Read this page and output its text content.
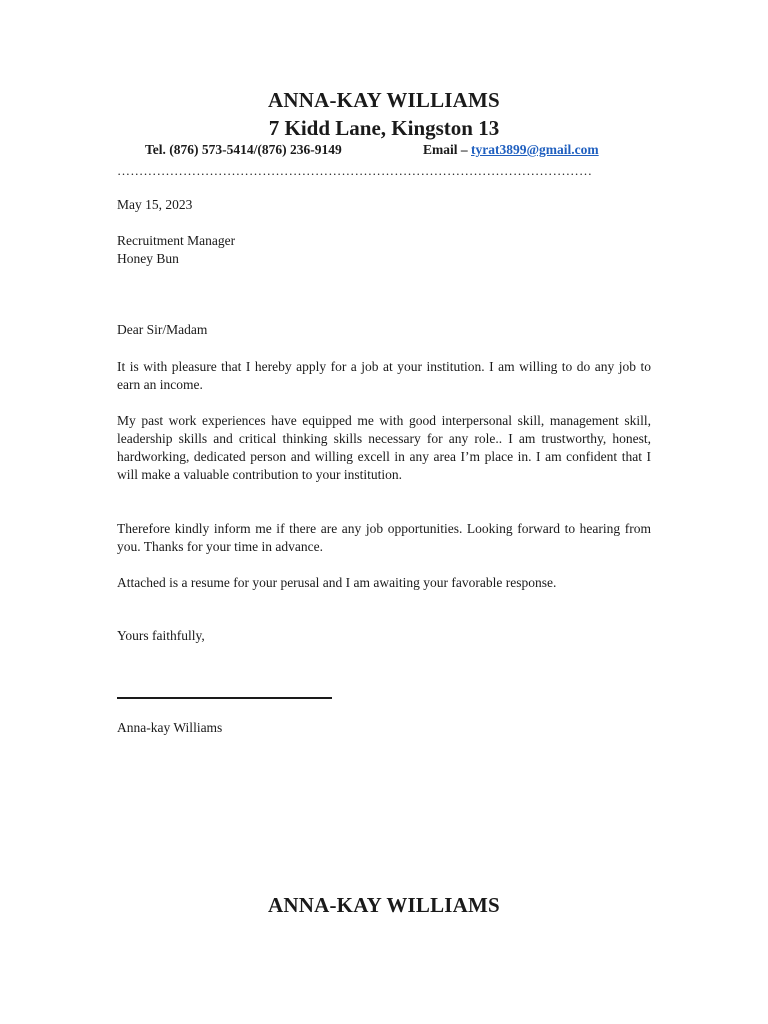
ANNA-KAY WILLIAMS
7 Kidd Lane, Kingston 13
Tel. (876) 573-5414/(876) 236-9149	Email – tyrat3899@gmail.com
………………………………………………………………………………………………
May 15, 2023
Recruitment Manager
Honey Bun
Dear Sir/Madam
It is with pleasure that I hereby apply for a job at your institution. I am willing to do any job to earn an income.
My past work experiences have equipped me with good interpersonal skill, management skill, leadership skills and critical thinking skills necessary for any role.. I am trustworthy, honest, hardworking, dedicated person and willing excell in any area I’m place in. I am confident that I will make a valuable contribution to your institution.
Therefore kindly inform me if there are any job opportunities. Looking forward to hearing from you. Thanks for your time in advance.
Attached is a resume for your perusal and I am awaiting your favorable response.
Yours faithfully,
Anna-kay Williams
ANNA-KAY WILLIAMS
